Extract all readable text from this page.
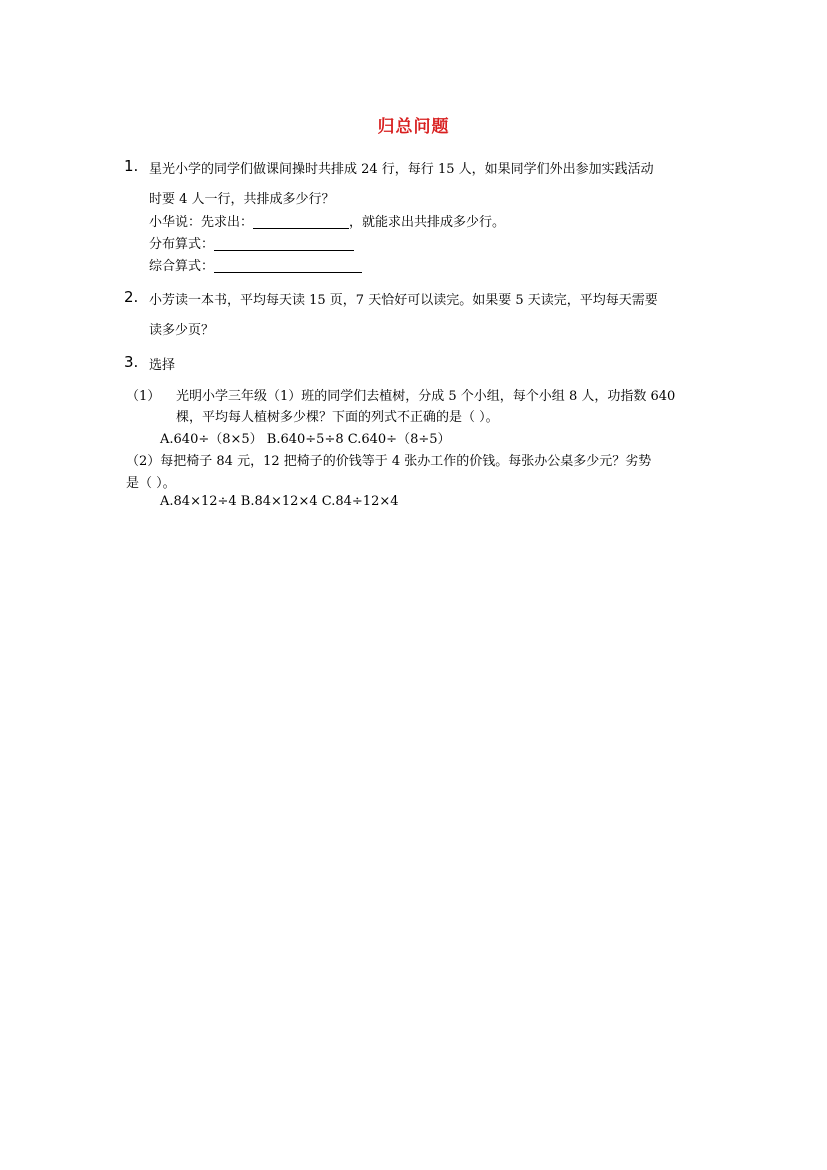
归总问题
1. 星光小学的同学们做课间操时共排成 24 行，每行 15 人，如果同学们外出参加实践活动
时要 4 人一行，共排成多少行？
小华说：先求出：	，就能求出共排成多少行。
分布算式：
综合算式：
2. 小芳读一本书，平均每天读 15 页，7 天恰好可以读完。如果要 5 天读完，平均每天需要
读多少页？
3. 选择
（1） 光明小学三年级（1）班的同学们去植树，分成 5 个小组，每个小组 8 人，功指数 640
棵，平均每人植树多少棵？下面的列式不正确的是（ ）。
A.640÷（8×5） B.640÷5÷8 C.640÷（8÷5）
（2）每把椅子 84 元，12 把椅子的价钱等于 4 张办工作的价钱。每张办公桌多少元？劣势
是（ ）。
A.84×12÷4 B.84×12×4 C.84÷12×4
